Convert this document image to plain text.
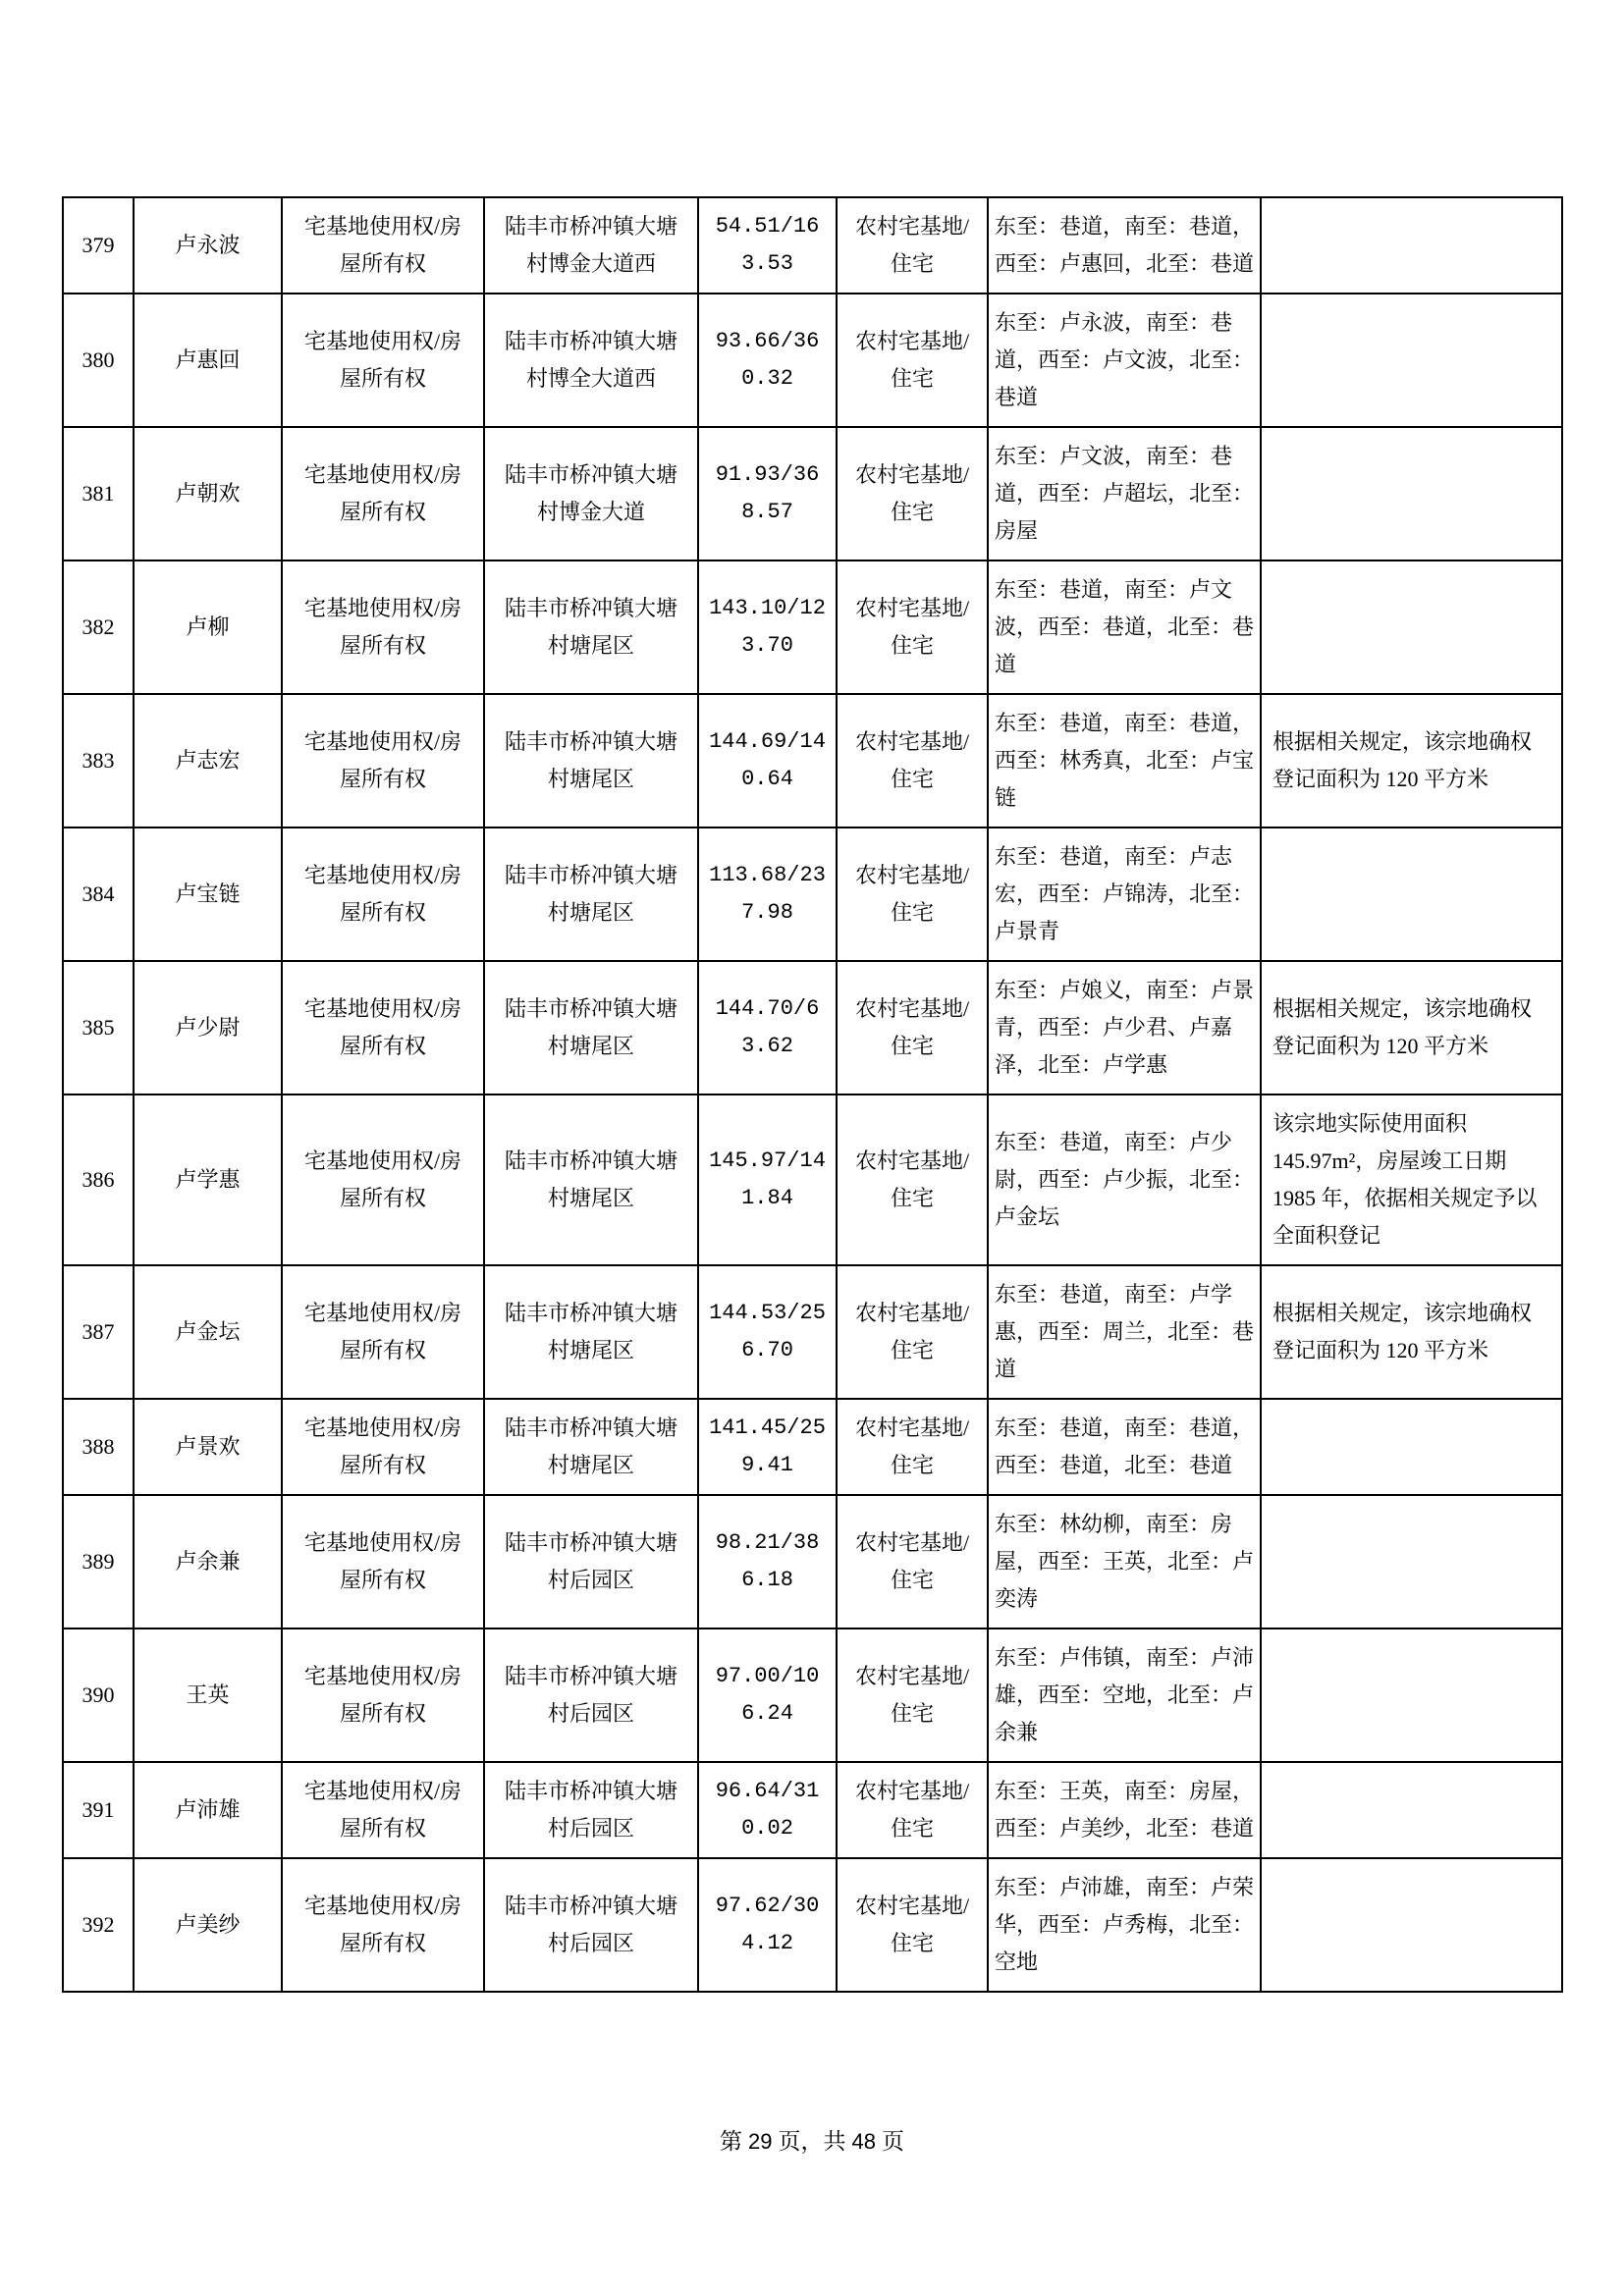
379	卢永波	宅基地使用权/房屋所有权	陆丰市桥冲镇大塘村博金大道西	54.51/163.53	农村宅基地/住宅	东至：巷道，南至：巷道，西至：卢惠回，北至：巷道	
380	卢惠回	宅基地使用权/房屋所有权	陆丰市桥冲镇大塘村博全大道西	93.66/360.32	农村宅基地/住宅	东至：卢永波，南至：巷道，西至：卢文波，北至：巷道	
381	卢朝欢	宅基地使用权/房屋所有权	陆丰市桥冲镇大塘村博金大道	91.93/368.57	农村宅基地/住宅	东至：卢文波，南至：巷道，西至：卢超坛，北至：房屋	
382	卢柳	宅基地使用权/房屋所有权	陆丰市桥冲镇大塘村塘尾区	143.10/123.70	农村宅基地/住宅	东至：巷道，南至：卢文波，西至：巷道，北至：巷道	
383	卢志宏	宅基地使用权/房屋所有权	陆丰市桥冲镇大塘村塘尾区	144.69/140.64	农村宅基地/住宅	东至：巷道，南至：巷道，西至：林秀真，北至：卢宝链	根据相关规定，该宗地确权登记面积为 120 平方米
384	卢宝链	宅基地使用权/房屋所有权	陆丰市桥冲镇大塘村塘尾区	113.68/237.98	农村宅基地/住宅	东至：巷道，南至：卢志宏，西至：卢锦涛，北至：卢景青	
385	卢少尉	宅基地使用权/房屋所有权	陆丰市桥冲镇大塘村塘尾区	144.70/63.62	农村宅基地/住宅	东至：卢娘义，南至：卢景青，西至：卢少君、卢嘉泽，北至：卢学惠	根据相关规定，该宗地确权登记面积为 120 平方米
386	卢学惠	宅基地使用权/房屋所有权	陆丰市桥冲镇大塘村塘尾区	145.97/141.84	农村宅基地/住宅	东至：巷道，南至：卢少尉，西至：卢少振，北至：卢金坛	该宗地实际使用面积 145.97m²，房屋竣工日期 1985 年，依据相关规定予以全面积登记
387	卢金坛	宅基地使用权/房屋所有权	陆丰市桥冲镇大塘村塘尾区	144.53/256.70	农村宅基地/住宅	东至：巷道，南至：卢学惠，西至：周兰，北至：巷道	根据相关规定，该宗地确权登记面积为 120 平方米
388	卢景欢	宅基地使用权/房屋所有权	陆丰市桥冲镇大塘村塘尾区	141.45/259.41	农村宅基地/住宅	东至：巷道，南至：巷道，西至：巷道，北至：巷道	
389	卢余兼	宅基地使用权/房屋所有权	陆丰市桥冲镇大塘村后园区	98.21/386.18	农村宅基地/住宅	东至：林幼柳，南至：房屋，西至：王英，北至：卢奕涛	
390	王英	宅基地使用权/房屋所有权	陆丰市桥冲镇大塘村后园区	97.00/106.24	农村宅基地/住宅	东至：卢伟镇，南至：卢沛雄，西至：空地，北至：卢余兼	
391	卢沛雄	宅基地使用权/房屋所有权	陆丰市桥冲镇大塘村后园区	96.64/310.02	农村宅基地/住宅	东至：王英，南至：房屋，西至：卢美纱，北至：巷道	
392	卢美纱	宅基地使用权/房屋所有权	陆丰市桥冲镇大塘村后园区	97.62/304.12	农村宅基地/住宅	东至：卢沛雄，南至：卢荣华，西至：卢秀梅，北至：空地	
第 29 页，共 48 页
